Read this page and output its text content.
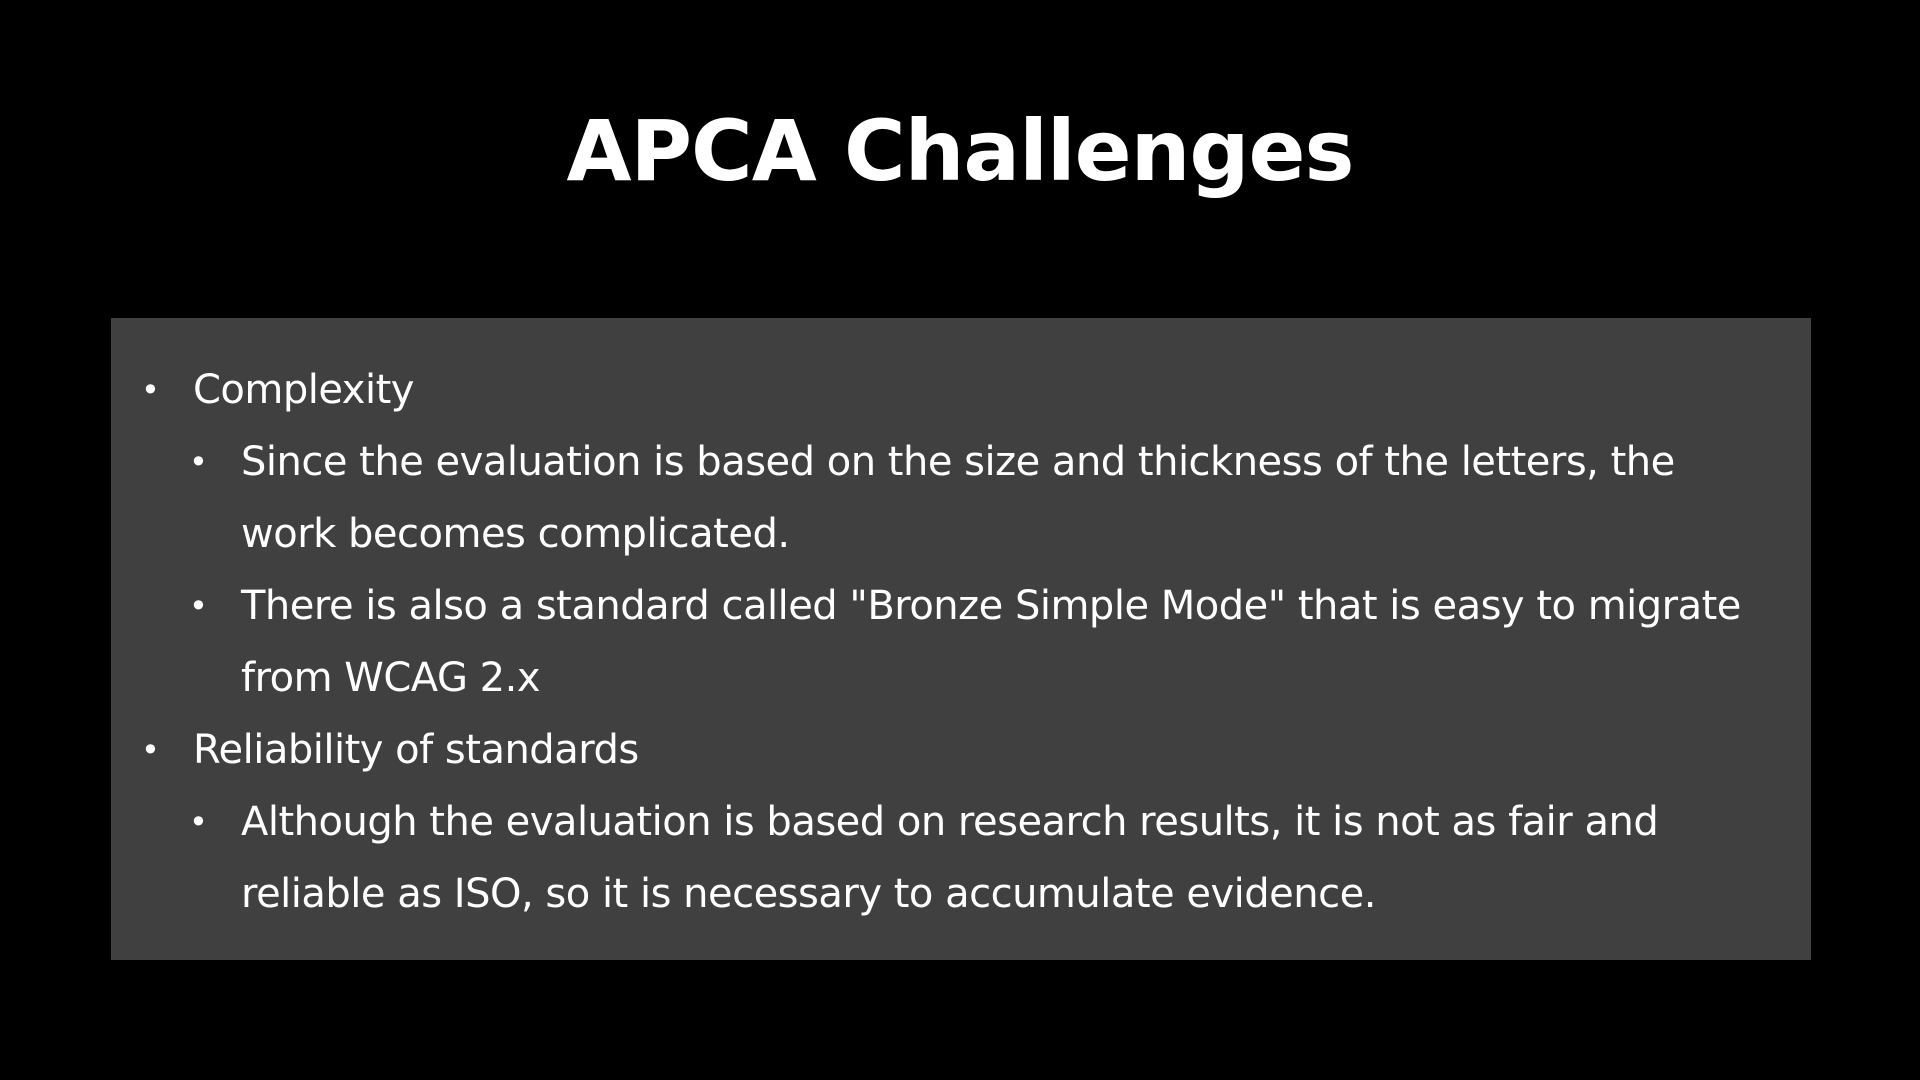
APCA Challenges
• Complexity
• Since the evaluation is based on the size and thickness of the letters, the work becomes complicated.
• There is also a standard called "Bronze Simple Mode" that is easy to migrate from WCAG 2.x
• Reliability of standards
• Although the evaluation is based on research results, it is not as fair and reliable as ISO, so it is necessary to accumulate evidence.
